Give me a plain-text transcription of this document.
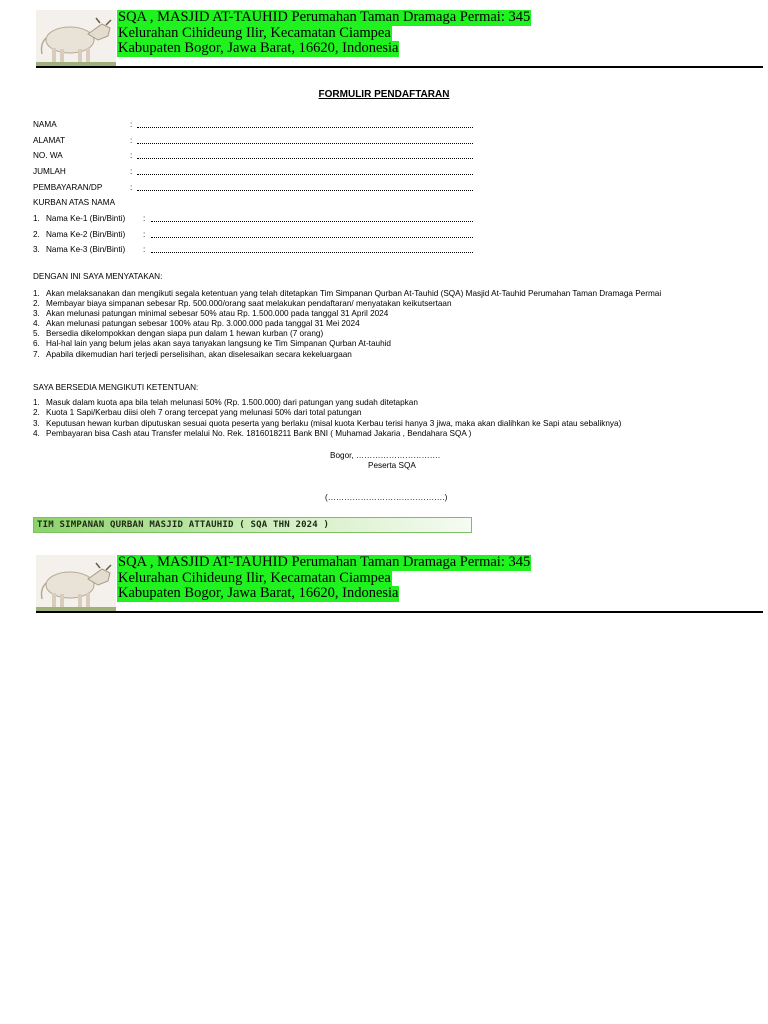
SQA , MASJID AT-TAUHID Perumahan Taman Dramaga Permai: 345
Kelurahan Cihideung Ilir, Kecamatan Ciampea
Kabupaten Bogor, Jawa Barat, 16620, Indonesia
FORMULIR PENDAFTARAN
NAMA	:
ALAMAT	:
NO. WA	:
JUMLAH	:
PEMBAYARAN/DP	:
KURBAN ATAS NAMA
1. Nama Ke-1 (Bin/Binti) :
2. Nama Ke-2 (Bin/Binti) :
3. Nama Ke-3 (Bin/Binti) :
DENGAN INI SAYA MENYATAKAN:
1. Akan melaksanakan dan mengikuti segala ketentuan yang telah ditetapkan Tim Simpanan Qurban At-Tauhid (SQA) Masjid At-Tauhid Perumahan Taman Dramaga Permai
2. Membayar biaya simpanan sebesar Rp. 500.000/orang saat melakukan pendaftaran/ menyatakan keikutsertaan
3. Akan melunasi patungan minimal sebesar 50% atau Rp. 1.500.000 pada tanggal 31 April 2024
4. Akan melunasi patungan sebesar 100% atau Rp. 3.000.000 pada tanggal 31 Mei 2024
5. Bersedia dikelompokkan dengan siapa pun dalam 1 hewan kurban (7 orang)
6. Hal-hal lain yang belum jelas akan saya tanyakan langsung ke Tim Simpanan Qurban At-tauhid
7. Apabila dikemudian hari terjedi perselisihan, akan diselesaikan secara kekeluargaan
SAYA BERSEDIA MENGIKUTI KETENTUAN:
1. Masuk dalam kuota apa bila telah melunasi 50% (Rp. 1.500.000) dari patungan yang sudah ditetapkan
2. Kuota 1 Sapi/Kerbau diisi oleh 7 orang tercepat yang melunasi 50% dari total patungan
3. Keputusan hewan kurban diputuskan sesuai quota peserta yang berlaku (misal kuota Kerbau terisi hanya 3 jiwa, maka akan dialihkan ke Sapi atau sebaliknya)
4. Pembayaran bisa Cash atau Transfer melalui No. Rek. 1816018211 Bank BNI ( Muhamad Jakaria , Bendahara SQA )
Bogor, ………………………….
Peserta SQA
(…………………………………….)
TIM SIMPANAN QURBAN MASJID ATTAUHID ( SQA THN 2024 )
SQA , MASJID AT-TAUHID Perumahan Taman Dramaga Permai: 345
Kelurahan Cihideung Ilir, Kecamatan Ciampea
Kabupaten Bogor, Jawa Barat, 16620, Indonesia
